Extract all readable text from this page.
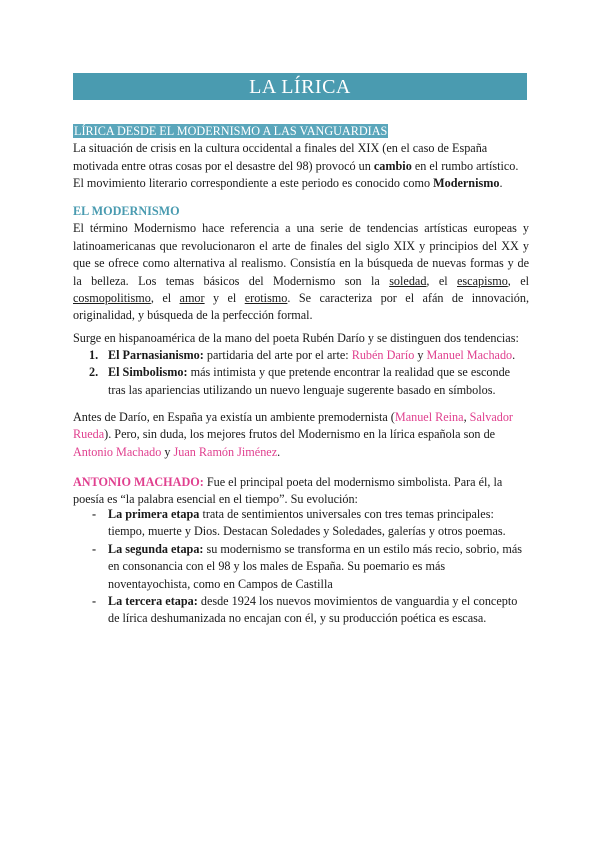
LA LÍRICA
LÍRICA DESDE EL MODERNISMO A LAS VANGUARDIAS
La situación de crisis en la cultura occidental a finales del XIX (en el caso de España motivada entre otras cosas por el desastre del 98) provocó un cambio en el rumbo artístico. El movimiento literario correspondiente a este periodo es conocido como Modernismo.
EL MODERNISMO
El término Modernismo hace referencia a una serie de tendencias artísticas europeas y latinoamericanas que revolucionaron el arte de finales del siglo XIX y principios del XX y que se ofrece como alternativa al realismo. Consistía en la búsqueda de nuevas formas y de la belleza. Los temas básicos del Modernismo son la soledad, el escapismo, el cosmopolitismo, el amor y el erotismo. Se caracteriza por el afán de innovación, originalidad, y búsqueda de la perfección formal.
Surge en hispanoamérica de la mano del poeta Rubén Darío y se distinguen dos tendencias:
1. El Parnasianismo: partidaria del arte por el arte: Rubén Darío y Manuel Machado.
2. El Simbolismo: más intimista y que pretende encontrar la realidad que se esconde tras las apariencias utilizando un nuevo lenguaje sugerente basado en símbolos.
Antes de Darío, en España ya existía un ambiente premodernista (Manuel Reina, Salvador Rueda). Pero, sin duda, los mejores frutos del Modernismo en la lírica española son de Antonio Machado y Juan Ramón Jiménez.
ANTONIO MACHADO: Fue el principal poeta del modernismo simbolista. Para él, la poesía es “la palabra esencial en el tiempo”. Su evolución:
- La primera etapa trata de sentimientos universales con tres temas principales: tiempo, muerte y Dios. Destacan Soledades y Soledades, galerías y otros poemas.
- La segunda etapa: su modernismo se transforma en un estilo más recio, sobrio, más en consonancia con el 98 y los males de España. Su poemario es más noventayochista, como en Campos de Castilla
- La tercera etapa: desde 1924 los nuevos movimientos de vanguardia y el concepto de lírica deshumanizada no encajan con él, y su producción poética es escasa.
